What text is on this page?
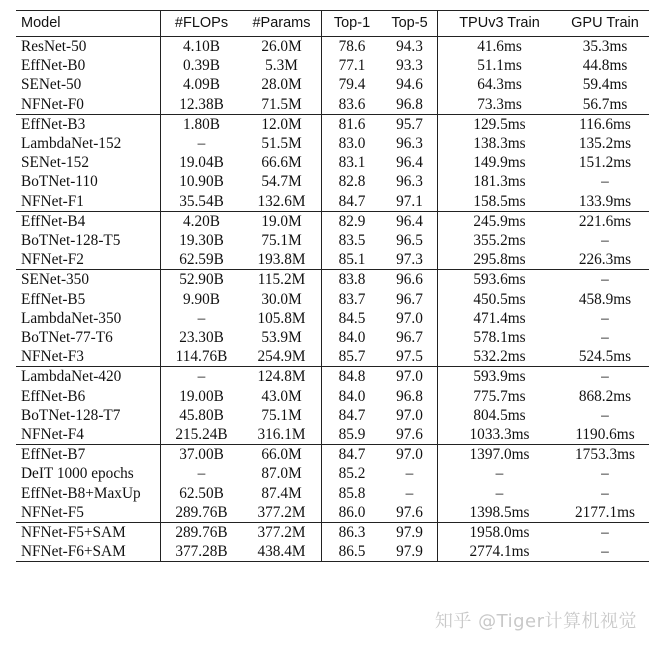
Model	#FLOPs	#Params	Top-1	Top-5	TPUv3 Train	GPU Train
ResNet-50	4.10B	26.0M	78.6	94.3	41.6ms	35.3ms
EffNet-B0	0.39B	5.3M	77.1	93.3	51.1ms	44.8ms
SENet-50	4.09B	28.0M	79.4	94.6	64.3ms	59.4ms
NFNet-F0	12.38B	71.5M	83.6	96.8	73.3ms	56.7ms
EffNet-B3	1.80B	12.0M	81.6	95.7	129.5ms	116.6ms
LambdaNet-152	–	51.5M	83.0	96.3	138.3ms	135.2ms
SENet-152	19.04B	66.6M	83.1	96.4	149.9ms	151.2ms
BoTNet-110	10.90B	54.7M	82.8	96.3	181.3ms	–
NFNet-F1	35.54B	132.6M	84.7	97.1	158.5ms	133.9ms
EffNet-B4	4.20B	19.0M	82.9	96.4	245.9ms	221.6ms
BoTNet-128-T5	19.30B	75.1M	83.5	96.5	355.2ms	–
NFNet-F2	62.59B	193.8M	85.1	97.3	295.8ms	226.3ms
SENet-350	52.90B	115.2M	83.8	96.6	593.6ms	–
EffNet-B5	9.90B	30.0M	83.7	96.7	450.5ms	458.9ms
LambdaNet-350	–	105.8M	84.5	97.0	471.4ms	–
BoTNet-77-T6	23.30B	53.9M	84.0	96.7	578.1ms	–
NFNet-F3	114.76B	254.9M	85.7	97.5	532.2ms	524.5ms
LambdaNet-420	–	124.8M	84.8	97.0	593.9ms	–
EffNet-B6	19.00B	43.0M	84.0	96.8	775.7ms	868.2ms
BoTNet-128-T7	45.80B	75.1M	84.7	97.0	804.5ms	–
NFNet-F4	215.24B	316.1M	85.9	97.6	1033.3ms	1190.6ms
EffNet-B7	37.00B	66.0M	84.7	97.0	1397.0ms	1753.3ms
DeIT 1000 epochs	–	87.0M	85.2	–	–	–
EffNet-B8+MaxUp	62.50B	87.4M	85.8	–	–	–
NFNet-F5	289.76B	377.2M	86.0	97.6	1398.5ms	2177.1ms
NFNet-F5+SAM	289.76B	377.2M	86.3	97.9	1958.0ms	–
NFNet-F6+SAM	377.28B	438.4M	86.5	97.9	2774.1ms	–
知乎 @Tiger计算机视觉
